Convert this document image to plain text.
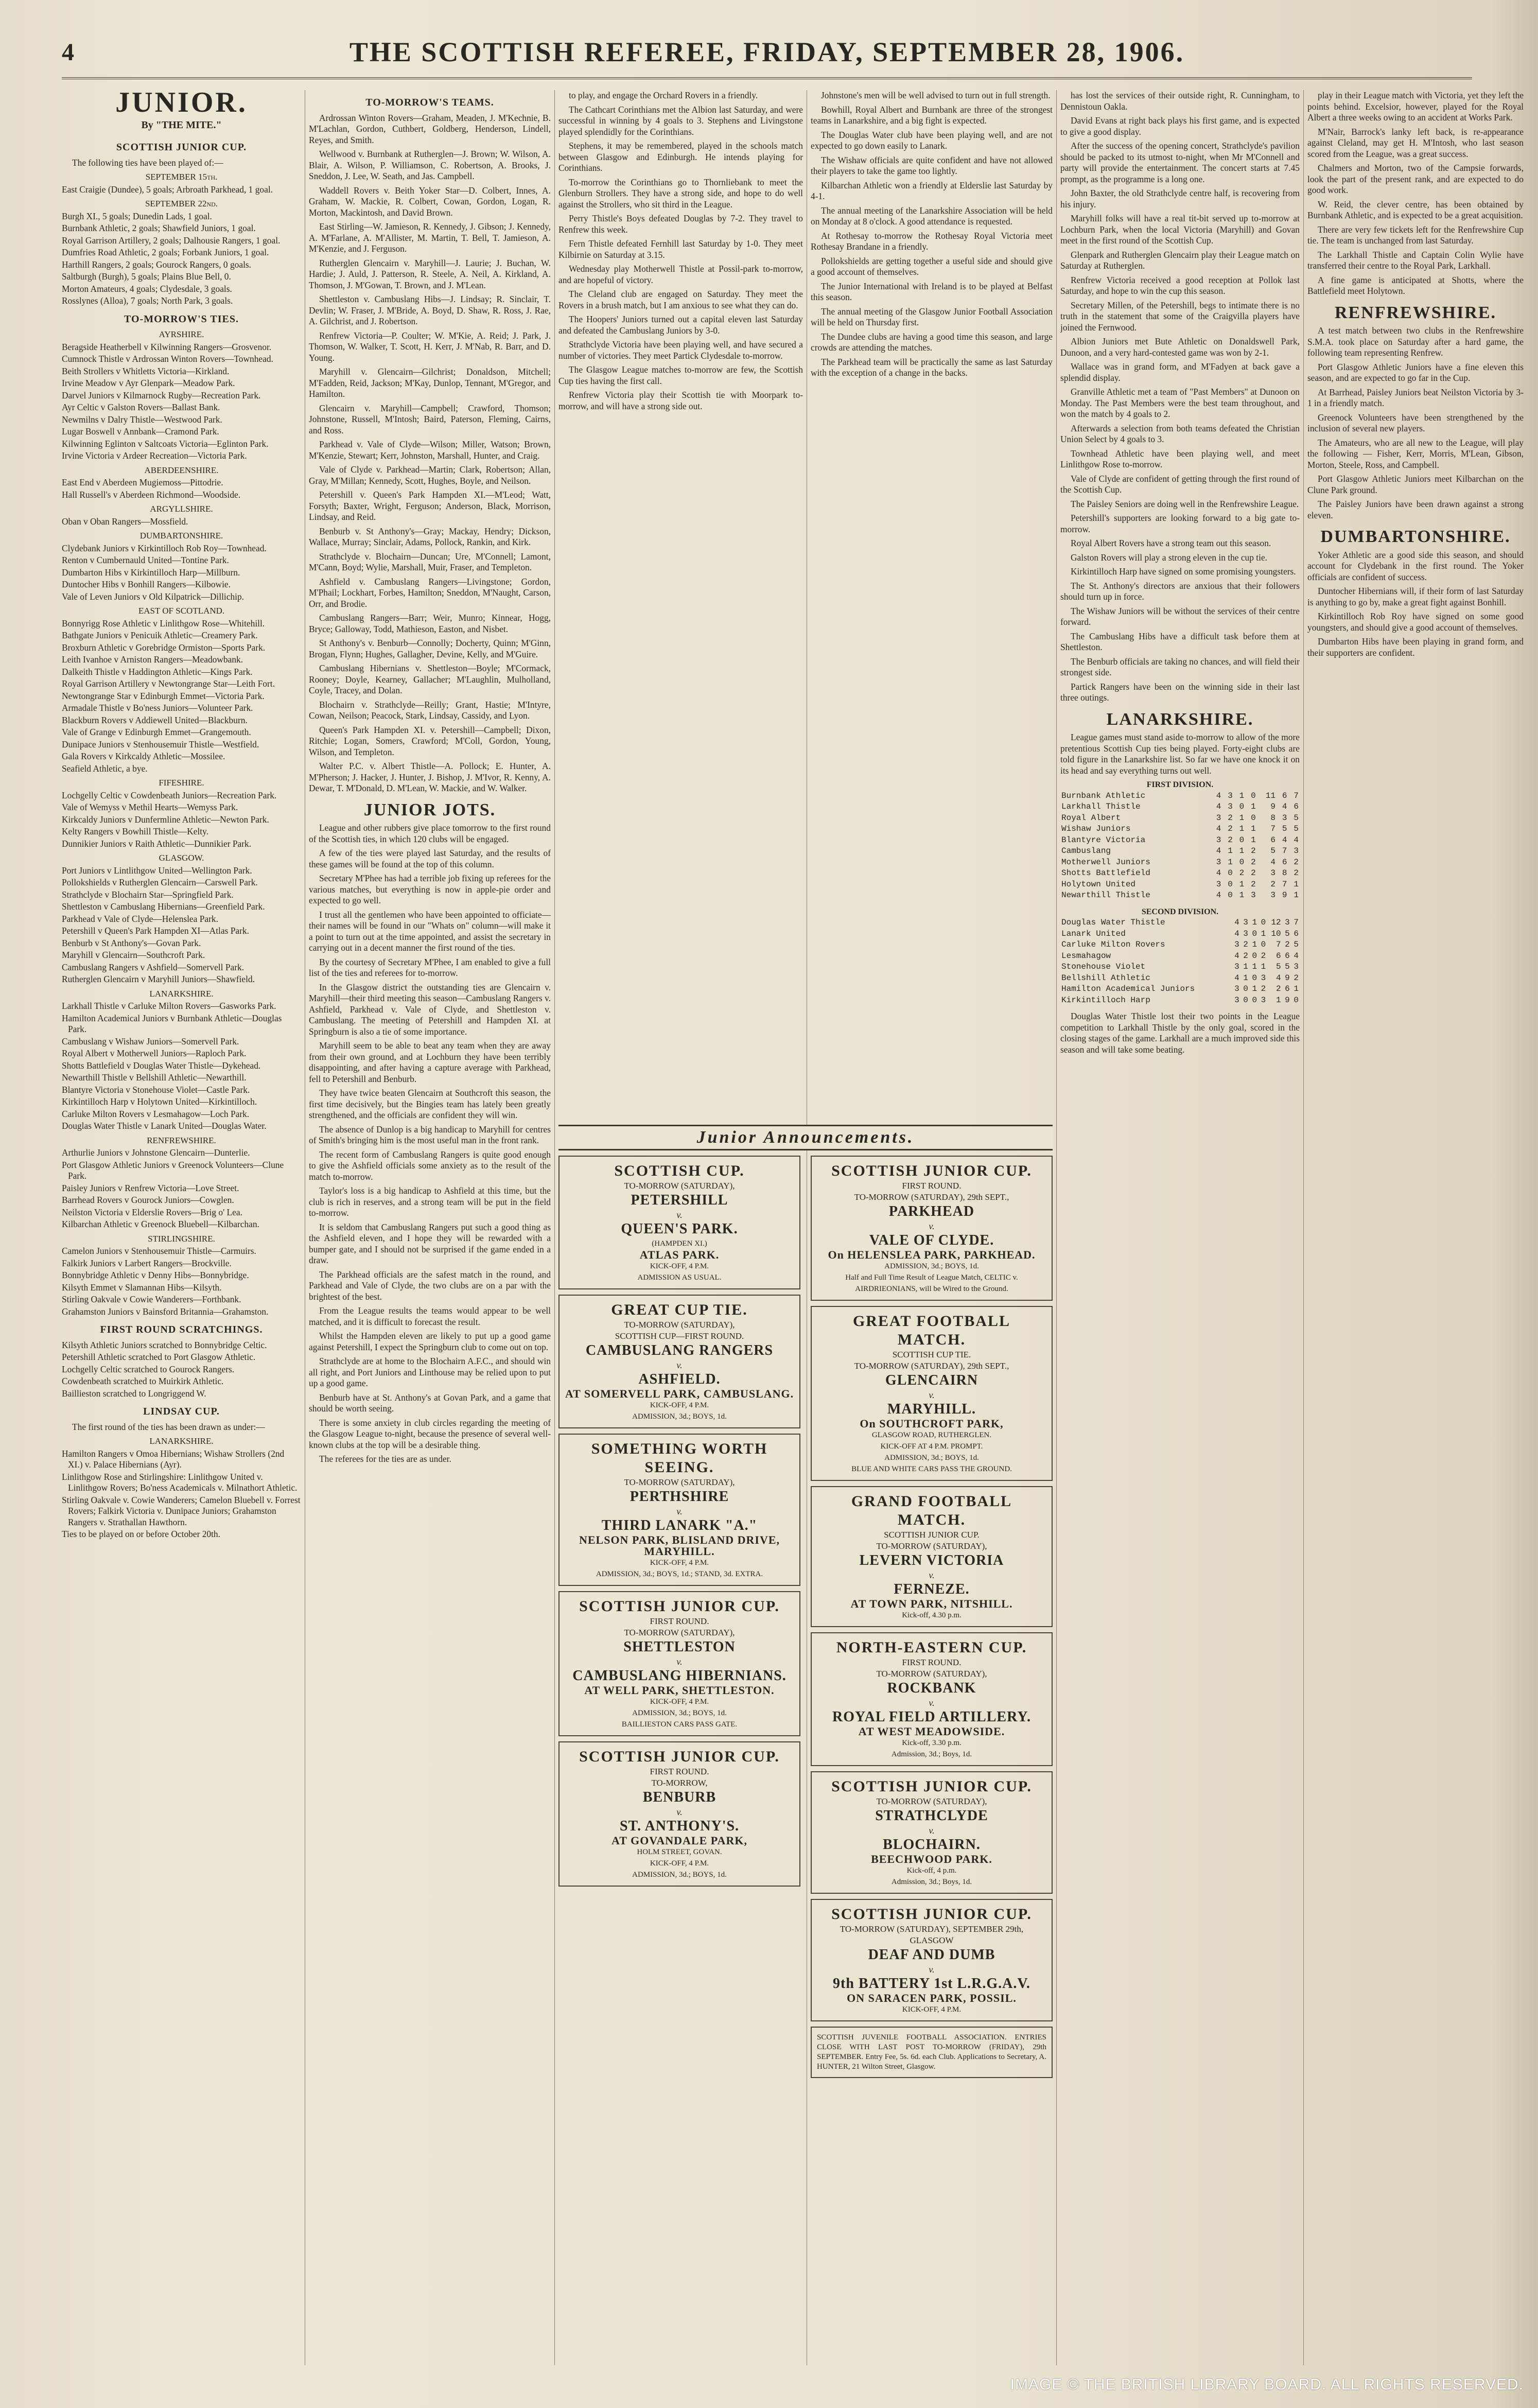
4	THE SCOTTISH REFEREE, FRIDAY, SEPTEMBER 28, 1906.
JUNIOR.
By "THE MITE."
SCOTTISH JUNIOR CUP.

The following ties have been played of:—

SEPTEMBER 15th.
East Craigie (Dundee), 5 goals; Arbroath Parkhead, 1 goal.
SEPTEMBER 22nd.
Burgh XI., 5 goals; Dunedin Lads, 1 goal.
Burnbank Athletic, 2 goals; Shawfield Juniors, 1 goal.
Royal Garrison Artillery, 2 goals; Dalhousie Rangers, 1 goal.
Dumfries Road Athletic, 2 goals; Forbank Juniors, 1 goal.
Harthill Rangers, 2 goals; Gourock Rangers, 0 goals.
Saltburgh (Burgh), 5 goals; Plains Blue Bell, 0.
Morton Amateurs, 4 goals; Clydesdale, 3 goals.
Rosslynes (Alloa), 7 goals; North Park, 3 goals.
TO-MORROW'S TIES.
AYRSHIRE.
Beragside Heatherbell v Kilwinning Rangers—Grosvenor.
Cumnock Thistle v Ardrossan Winton Rovers—Townhead.
Beith Strollers v Whitletts Victoria—Kirkland.
Irvine Meadow v Ayr Glenpark—Meadow Park.
Darvel Juniors v Kilmarnock Rugby—Recreation Park.
Ayr Celtic v Galston Rovers—Ballast Bank.
Newmilns v Dalry Thistle—Westwood Park.
Lugar Boswell v Annbank—Cramond Park.
Kilwinning Eglinton v Saltcoats Victoria—Eglinton Park.
Irvine Victoria v Ardeer Recreation—Victoria Park.
ABERDEENSHIRE.
East End v Aberdeen Mugiemoss—Pittodrie.
Hall Russell's v Aberdeen Richmond—Woodside.
ARGYLLSHIRE.
Oban v Oban Rangers—Mossfield.
DUMBARTONSHIRE.
Clydebank Juniors v Kirkintilloch Rob Roy—Townhead.
Renton v Cumbernauld United—Tontine Park.
Dumbarton Hibs v Kirkintilloch Harp—Millburn.
Duntocher Hibs v Bonhill Rangers—Kilbowie.
Vale of Leven Juniors v Old Kilpatrick—Dillichip.
EAST OF SCOTLAND.
Bonnyrigg Rose Athletic v Linlithgow Rose—Whitehill.
Bathgate Juniors v Penicuik Athletic—Creamery Park.
Broxburn Athletic v Gorebridge Ormiston—Sports Park.
Leith Ivanhoe v Arniston Rangers—Meadowbank.
Dalkeith Thistle v Haddington Athletic—Kings Park.
Royal Garrison Artillery v Newtongrange Star—Leith Fort.
Newtongrange Star v Edinburgh Emmet—Victoria Park.
Armadale Thistle v Bo'ness Juniors—Volunteer Park.
Blackburn Rovers v Addiewell United—Blackburn.
Vale of Grange v Edinburgh Emmet—Grangemouth.
Dunipace Juniors v Stenhousemuir Thistle—Westfield.
Gala Rovers v Kirkcaldy Athletic—Mossilee.
Seafield Athletic, a bye.
FIFESHIRE.
Lochgelly Celtic v Cowdenbeath Juniors—Recreation Park.
Vale of Wemyss v Methil Hearts—Wemyss Park.
Kirkcaldy Juniors v Dunfermline Athletic—Newton Park.
Kelty Rangers v Bowhill Thistle—Kelty.
Dunnikier Juniors v Raith Athletic—Dunnikier Park.
GLASGOW.
Port Juniors v Lintlithgow United—Wellington Park.
Pollokshields v Rutherglen Glencairn—Carswell Park.
Strathclyde v Blochairn Star—Springfield Park.
Shettleston v Cambuslang Hibernians—Greenfield Park.
Parkhead v Vale of Clyde—Helenslea Park.
Petershill v Queen's Park Hampden XI—Atlas Park.
Benburb v St Anthony's—Govan Park.
Maryhill v Glencairn—Southcroft Park.
Cambuslang Rangers v Ashfield—Somervell Park.
Rutherglen Glencairn v Maryhill Juniors—Shawfield.
LANARKSHIRE.
Larkhall Thistle v Carluke Milton Rovers—Gasworks Park.
Hamilton Academical Juniors v Burnbank Athletic—Douglas Park.
Cambuslang v Wishaw Juniors—Somervell Park.
Royal Albert v Motherwell Juniors—Raploch Park.
Shotts Battlefield v Douglas Water Thistle—Dykehead.
Newarthill Thistle v Bellshill Athletic—Newarthill.
Blantyre Victoria v Stonehouse Violet—Castle Park.
Kirkintilloch Harp v Holytown United—Kirkintilloch.
Carluke Milton Rovers v Lesmahagow—Loch Park.
Douglas Water Thistle v Lanark United—Douglas Water.
RENFREWSHIRE.
Arthurlie Juniors v Johnstone Glencairn—Dunterlie.
Port Glasgow Athletic Juniors v Greenock Volunteers—Clune Park.
Paisley Juniors v Renfrew Victoria—Love Street.
Barrhead Rovers v Gourock Juniors—Cowglen.
Neilston Victoria v Elderslie Rovers—Brig o' Lea.
Kilbarchan Athletic v Greenock Bluebell—Kilbarchan.
STIRLINGSHIRE.
Camelon Juniors v Stenhousemuir Thistle—Carmuirs.
Falkirk Juniors v Larbert Rangers—Brockville.
Bonnybridge Athletic v Denny Hibs—Bonnybridge.
Kilsyth Emmet v Slamannan Hibs—Kilsyth.
Stirling Oakvale v Cowie Wanderers—Forthbank.
Grahamston Juniors v Bainsford Britannia—Grahamston.
FIRST ROUND SCRATCHINGS.
Kilsyth Athletic Juniors scratched to Bonnybridge Celtic.
Petershill Athletic scratched to Port Glasgow Athletic.
Lochgelly Celtic scratched to Gourock Rangers.
Cowdenbeath scratched to Muirkirk Athletic.
Baillieston scratched to Longriggend W.
LINDSAY CUP.

The first round of the ties has been drawn as under:—

LANARKSHIRE.
Hamilton Rangers v Omoa Hibernians; Wishaw Strollers (2nd XI.) v. Palace Hibernians (Ayr).
Linlithgow Rose and Stirlingshire: Linlithgow United v. Linlithgow Rovers; Bo'ness Academicals v. Milnathort Athletic.
Stirling Oakvale v. Cowie Wanderers; Camelon Bluebell v. Forrest Rovers; Falkirk Victoria v. Dunipace Juniors; Grahamston Rangers v. Strathallan Hawthorn.
Ties to be played on or before October 20th.
TO-MORROW'S TEAMS.

Ardrossan Winton Rovers—Graham, Meaden, J. M'Kechnie, B. M'Lachlan, Gordon, Cuthbert, Goldberg, Henderson, Lindell, Reyes, and Smith.

Wellwood v. Burnbank at Rutherglen—J. Brown; W. Wilson, A. Blair, A. Wilson, P. Williamson, C. Robertson, A. Brooks, J. Sneddon, J. Lee, W. Seath, and Jas. Campbell.

Waddell Rovers v. Beith Yoker Star—D. Colbert, Innes, A. Graham, W. Mackie, R. Colbert, Cowan, Gordon, Logan, R. Morton, Mackintosh, and David Brown.

East Stirling—W. Jamieson, R. Kennedy, J. Gibson; J. Kennedy, A. M'Farlane, A. M'Allister, M. Martin, T. Bell, T. Jamieson, A. M'Kenzie, and J. Ferguson.

Rutherglen Glencairn v. Maryhill—J. Laurie; J. Buchan, W. Hardie; J. Auld, J. Patterson, R. Steele, A. Neil, A. Kirkland, A. Thomson, J. M'Gowan, T. Brown, and J. M'Lean.

Shettleston v. Cambuslang Hibs—J. Lindsay; R. Sinclair, T. Devlin; W. Fraser, J. M'Bride, A. Boyd, D. Shaw, R. Ross, J. Rae, A. Gilchrist, and J. Robertson.

Renfrew Victoria—P. Coulter; W. M'Kie, A. Reid; J. Park, J. Thomson, W. Walker, T. Scott, H. Kerr, J. M'Nab, R. Barr, and D. Young.

Maryhill v. Glencairn—Gilchrist; Donaldson, Mitchell; M'Fadden, Reid, Jackson; M'Kay, Dunlop, Tennant, M'Gregor, and Hamilton.

Glencairn v. Maryhill—Campbell; Crawford, Thomson; Johnstone, Russell, M'Intosh; Baird, Paterson, Fleming, Cairns, and Ross.

Parkhead v. Vale of Clyde—Wilson; Miller, Watson; Brown, M'Kenzie, Stewart; Kerr, Johnston, Marshall, Hunter, and Craig.

Vale of Clyde v. Parkhead—Martin; Clark, Robertson; Allan, Gray, M'Millan; Kennedy, Scott, Hughes, Boyle, and Neilson.

Petershill v. Queen's Park Hampden XI.—M'Leod; Watt, Forsyth; Baxter, Wright, Ferguson; Anderson, Black, Morrison, Lindsay, and Reid.

Benburb v. St Anthony's—Gray; Mackay, Hendry; Dickson, Wallace, Murray; Sinclair, Adams, Pollock, Rankin, and Kirk.

Strathclyde v. Blochairn—Duncan; Ure, M'Connell; Lamont, M'Cann, Boyd; Wylie, Marshall, Muir, Fraser, and Templeton.

Ashfield v. Cambuslang Rangers—Livingstone; Gordon, M'Phail; Lockhart, Forbes, Hamilton; Sneddon, M'Naught, Carson, Orr, and Brodie.

Cambuslang Rangers—Barr; Weir, Munro; Kinnear, Hogg, Bryce; Galloway, Todd, Mathieson, Easton, and Nisbet.

St Anthony's v. Benburb—Connolly; Docherty, Quinn; M'Ginn, Brogan, Flynn; Hughes, Gallagher, Devine, Kelly, and M'Guire.

Cambuslang Hibernians v. Shettleston—Boyle; M'Cormack, Rooney; Doyle, Kearney, Gallacher; M'Laughlin, Mulholland, Coyle, Tracey, and Dolan.

Blochairn v. Strathclyde—Reilly; Grant, Hastie; M'Intyre, Cowan, Neilson; Peacock, Stark, Lindsay, Cassidy, and Lyon.

Queen's Park Hampden XI. v. Petershill—Campbell; Dixon, Ritchie; Logan, Somers, Crawford; M'Coll, Gordon, Young, Wilson, and Templeton.

Walter P.C. v. Albert Thistle—A. Pollock; E. Hunter, A. M'Pherson; J. Hacker, J. Hunter, J. Bishop, J. M'Ivor, R. Kenny, A. Dewar, T. M'Donald, D. M'Lean, W. Mackie, and W. Walker.

JUNIOR JOTS.

League and other rubbers give place tomorrow to the first round of the Scottish ties, in which 120 clubs will be engaged.

A few of the ties were played last Saturday, and the results of these games will be found at the top of this column.

Secretary M'Phee has had a terrible job fixing up referees for the various matches, but everything is now in apple-pie order and expected to go well.

I trust all the gentlemen who have been appointed to officiate—their names will be found in our "Whats on" column—will make it a point to turn out at the time appointed, and assist the secretary in carrying out in a decent manner the first round of the ties.

By the courtesy of Secretary M'Phee, I am enabled to give a full list of the ties and referees for to-morrow.

In the Glasgow district the outstanding ties are Glencairn v. Maryhill—their third meeting this season—Cambuslang Rangers v. Ashfield, Parkhead v. Vale of Clyde, and Shettleston v. Cambuslang. The meeting of Petershill and Hampden XI. at Springburn is also a tie of some importance.

Maryhill seem to be able to beat any team when they are away from their own ground, and at Lochburn they have been terribly disappointing, and after having a capture average with Parkhead, fell to Petershill and Benburb.

They have twice beaten Glencairn at Southcroft this season, the first time decisively, but the Bingies team has lately been greatly strengthened, and the officials are confident they will win.

The absence of Dunlop is a big handicap to Maryhill for centres of Smith's bringing him is the most useful man in the front rank.

The recent form of Cambuslang Rangers is quite good enough to give the Ashfield officials some anxiety as to the result of the match to-morrow.

Taylor's loss is a big handicap to Ashfield at this time, but the club is rich in reserves, and a strong team will be put in the field to-morrow.

It is seldom that Cambuslang Rangers put such a good thing as the Ashfield eleven, and I hope they will be rewarded with a bumper gate, and I should not be surprised if the game ended in a draw.

The Parkhead officials are the safest match in the round, and Parkhead and Vale of Clyde, the two clubs are on a par with the brightest of the best.

From the League results the teams would appear to be well matched, and it is difficult to forecast the result.

Whilst the Hampden eleven are likely to put up a good game against Petershill, I expect the Springburn club to come out on top.

Strathclyde are at home to the Blochairn A.F.C., and should win all right, and Port Juniors and Linthouse may be relied upon to put up a good game.

Benburb have at St. Anthony's at Govan Park, and a game that should be worth seeing.

There is some anxiety in club circles regarding the meeting of the Glasgow League to-night, because the presence of several well-known clubs at the top will be a desirable thing.

The referees for the ties are as under.

to play, and engage the Orchard Rovers in a friendly.

The Cathcart Corinthians met the Albion last Saturday, and were successful in winning by 4 goals to 3. Stephens and Livingstone played splendidly for the Corinthians.

Stephens, it may be remembered, played in the schools match between Glasgow and Edinburgh. He intends playing for Corinthians.

To-morrow the Corinthians go to Thornliebank to meet the Glenburn Strollers. They have a strong side, and hope to do well against the Strollers, who sit third in the League.

Perry Thistle's Boys defeated Douglas by 7-2. They travel to Renfrew this week.

Fern Thistle defeated Fernhill last Saturday by 1-0. They meet Kilbirnie on Saturday at 3.15.

Wednesday play Motherwell Thistle at Possil-park to-morrow, and are hopeful of victory.

The Cleland club are engaged on Saturday. They meet the Rovers in a brush match, but I am anxious to see what they can do.

The Hoopers' Juniors turned out a capital eleven last Saturday and defeated the Cambuslang Juniors by 3-0.

Strathclyde Victoria have been playing well, and have secured a number of victories. They meet Partick Clydesdale to-morrow.

The Glasgow League matches to-morrow are few, the Scottish Cup ties having the first call.

Renfrew Victoria play their Scottish tie with Moorpark to-morrow, and will have a strong side out.

Johnstone's men will be well advised to turn out in full strength.

Bowhill, Royal Albert and Burnbank are three of the strongest teams in Lanarkshire, and a big fight is expected.

The Douglas Water club have been playing well, and are not expected to go down easily to Lanark.

The Wishaw officials are quite confident and have not allowed their players to take the game too lightly.

Kilbarchan Athletic won a friendly at Elderslie last Saturday by 4-1.

The annual meeting of the Lanarkshire Association will be held on Monday at 8 o'clock. A good attendance is requested.

At Rothesay to-morrow the Rothesay Royal Victoria meet Rothesay Brandane in a friendly.

Pollokshields are getting together a useful side and should give a good account of themselves.

The Junior International with Ireland is to be played at Belfast this season.

The annual meeting of the Glasgow Junior Football Association will be held on Thursday first.

The Dundee clubs are having a good time this season, and large crowds are attending the matches.

The Parkhead team will be practically the same as last Saturday with the exception of a change in the backs.

Junior Announcements.
SCOTTISH CUP.
TO-MORROW (SATURDAY),
PETERSHILL
v.
QUEEN'S PARK.
(HAMPDEN XI.)
ATLAS PARK.
KICK-OFF, 4 P.M.
ADMISSION AS USUAL.
GREAT CUP TIE.
TO-MORROW (SATURDAY),
SCOTTISH CUP—FIRST ROUND.
CAMBUSLANG RANGERS
v.
ASHFIELD.
AT SOMERVELL PARK, CAMBUSLANG.
KICK-OFF, 4 P.M.
ADMISSION, 3d.; BOYS, 1d.
SOMETHING WORTH SEEING.
TO-MORROW (SATURDAY),
PERTHSHIRE
v.
THIRD LANARK "A."
NELSON PARK, BLISLAND DRIVE, MARYHILL.
KICK-OFF, 4 P.M.
ADMISSION, 3d.; BOYS, 1d.; STAND, 3d. EXTRA.
SCOTTISH JUNIOR CUP.
FIRST ROUND.
TO-MORROW (SATURDAY),
SHETTLESTON
v.
CAMBUSLANG HIBERNIANS.
AT WELL PARK, SHETTLESTON.
KICK-OFF, 4 P.M.
ADMISSION, 3d.; BOYS, 1d.
BAILLIESTON CARS PASS GATE.
SCOTTISH JUNIOR CUP.
FIRST ROUND.
TO-MORROW,
BENBURB
v.
ST. ANTHONY'S.
AT GOVANDALE PARK,
HOLM STREET, GOVAN.
KICK-OFF, 4 P.M.
ADMISSION, 3d.; BOYS, 1d.
SCOTTISH JUNIOR CUP.
FIRST ROUND.
TO-MORROW (SATURDAY), 29th SEPT.,
PARKHEAD
v.
VALE OF CLYDE.
On HELENSLEA PARK, PARKHEAD.
ADMISSION, 3d.; BOYS, 1d.
Half and Full Time Result of League Match, CELTIC v. AIRDRIEONIANS, will be Wired to the Ground.
GREAT FOOTBALL MATCH.
SCOTTISH CUP TIE.
TO-MORROW (SATURDAY), 29th SEPT.,
GLENCAIRN
v.
MARYHILL.
On SOUTHCROFT PARK,
GLASGOW ROAD, RUTHERGLEN.
KICK-OFF AT 4 P.M. PROMPT.
ADMISSION, 3d.; BOYS, 1d.
BLUE AND WHITE CARS PASS THE GROUND.
GRAND FOOTBALL MATCH.
SCOTTISH JUNIOR CUP.
TO-MORROW (SATURDAY),
LEVERN VICTORIA
v.
FERNEZE.
AT TOWN PARK, NITSHILL.
Kick-off, 4.30 p.m.
NORTH-EASTERN CUP.
FIRST ROUND.
TO-MORROW (SATURDAY),
ROCKBANK
v.
ROYAL FIELD ARTILLERY.
AT WEST MEADOWSIDE.
Kick-off, 3.30 p.m.
Admission, 3d.; Boys, 1d.
SCOTTISH JUNIOR CUP.
TO-MORROW (SATURDAY),
STRATHCLYDE
v.
BLOCHAIRN.
BEECHWOOD PARK.
Kick-off, 4 p.m.
Admission, 3d.; Boys, 1d.
SCOTTISH JUNIOR CUP.
TO-MORROW (SATURDAY), SEPTEMBER 29th,
GLASGOW
DEAF AND DUMB
v.
9th BATTERY 1st L.R.G.A.V.
ON SARACEN PARK, POSSIL.
KICK-OFF, 4 P.M.
SCOTTISH JUVENILE FOOTBALL ASSOCIATION. ENTRIES CLOSE WITH LAST POST TO-MORROW (FRIDAY), 29th SEPTEMBER. Entry Fee, 5s. 6d. each Club. Applications to Secretary, A. HUNTER, 21 Wilton Street, Glasgow.

has lost the services of their outside right, R. Cunningham, to Dennistoun Oakla.

David Evans at right back plays his first game, and is expected to give a good display.

After the success of the opening concert, Strathclyde's pavilion should be packed to its utmost to-night, when Mr M'Connell and party will provide the entertainment. The concert starts at 7.45 prompt, as the programme is a long one.

John Baxter, the old Strathclyde centre half, is recovering from his injury.

Maryhill folks will have a real tit-bit served up to-morrow at Lochburn Park, when the local Victoria (Maryhill) and Govan meet in the first round of the Scottish Cup.

Glenpark and Rutherglen Glencairn play their League match on Saturday at Rutherglen.

Renfrew Victoria received a good reception at Pollok last Saturday, and hope to win the cup this season.

Secretary Millen, of the Petershill, begs to intimate there is no truth in the statement that some of the Craigvilla players have joined the Fernwood.

Albion Juniors met Bute Athletic on Donaldswell Park, Dunoon, and a very hard-contested game was won by 2-1.

Wallace was in grand form, and M'Fadyen at back gave a splendid display.

Granville Athletic met a team of "Past Members" at Dunoon on Monday. The Past Members were the best team throughout, and won the match by 4 goals to 2.

Afterwards a selection from both teams defeated the Christian Union Select by 4 goals to 3.

Townhead Athletic have been playing well, and meet Linlithgow Rose to-morrow.

Vale of Clyde are confident of getting through the first round of the Scottish Cup.

The Paisley Seniors are doing well in the Renfrewshire League.

Petershill's supporters are looking forward to a big gate to-morrow.

Royal Albert Rovers have a strong team out this season.

Galston Rovers will play a strong eleven in the cup tie.

Kirkintilloch Harp have signed on some promising youngsters.

The St. Anthony's directors are anxious that their followers should turn up in force.

The Wishaw Juniors will be without the services of their centre forward.

The Cambuslang Hibs have a difficult task before them at Shettleston.

The Benburb officials are taking no chances, and will field their strongest side.

Partick Rangers have been on the winning side in their last three outings.

LANARKSHIRE.

League games must stand aside to-morrow to allow of the more pretentious Scottish Cup ties being played. Forty-eight clubs are told figure in the Lanarkshire list. So far we have one knock it on its head and say everything turns out well.

FIRST DIVISION.
Burnbank Athletic	4	3	1	0	11	6	7
Larkhall Thistle	4	3	0	1	9	4	6
Royal Albert	3	2	1	0	8	3	5
Wishaw Juniors	4	2	1	1	7	5	5
Blantyre Victoria	3	2	0	1	6	4	4
Cambuslang	4	1	1	2	5	7	3
Motherwell Juniors	3	1	0	2	4	6	2
Shotts Battlefield	4	0	2	2	3	8	2
Holytown United	3	0	1	2	2	7	1
Newarthill Thistle	4	0	1	3	3	9	1
SECOND DIVISION.
Douglas Water Thistle	4	3	1	0	12	3	7
Lanark United	4	3	0	1	10	5	6
Carluke Milton Rovers	3	2	1	0	7	2	5
Lesmahagow	4	2	0	2	6	6	4
Stonehouse Violet	3	1	1	1	5	5	3
Bellshill Athletic	4	1	0	3	4	9	2
Hamilton Academical Juniors	3	0	1	2	2	6	1
Kirkintilloch Harp	3	0	0	3	1	9	0

Douglas Water Thistle lost their two points in the League competition to Larkhall Thistle by the only goal, scored in the closing stages of the game. Larkhall are a much improved side this season and will take some beating.

play in their League match with Victoria, yet they left the points behind. Excelsior, however, played for the Royal Albert a three weeks owing to an accident at Works Park.

M'Nair, Barrock's lanky left back, is re-appearance against Cleland, may get H. M'Intosh, who last season scored from the League, was a great success.

Chalmers and Morton, two of the Campsie forwards, look the part of the present rank, and are expected to do good work.

W. Reid, the clever centre, has been obtained by Burnbank Athletic, and is expected to be a great acquisition.

There are very few tickets left for the Renfrewshire Cup tie. The team is unchanged from last Saturday.

The Larkhall Thistle and Captain Colin Wylie have transferred their centre to the Royal Park, Larkhall.

A fine game is anticipated at Shotts, where the Battlefield meet Holytown.

RENFREWSHIRE.

A test match between two clubs in the Renfrewshire S.M.A. took place on Saturday after a hard game, the following team representing Renfrew.

Port Glasgow Athletic Juniors have a fine eleven this season, and are expected to go far in the Cup.

At Barrhead, Paisley Juniors beat Neilston Victoria by 3-1 in a friendly match.

Greenock Volunteers have been strengthened by the inclusion of several new players.

The Amateurs, who are all new to the League, will play the following — Fisher, Kerr, Morris, M'Lean, Gibson, Morton, Steele, Ross, and Campbell.

Port Glasgow Athletic Juniors meet Kilbarchan on the Clune Park ground.

The Paisley Juniors have been drawn against a strong eleven.

DUMBARTONSHIRE.

Yoker Athletic are a good side this season, and should account for Clydebank in the first round. The Yoker officials are confident of success.

Duntocher Hibernians will, if their form of last Saturday is anything to go by, make a great fight against Bonhill.

Kirkintilloch Rob Roy have signed on some good youngsters, and should give a good account of themselves.

Dumbarton Hibs have been playing in grand form, and their supporters are confident.

IMAGE © THE BRITISH LIBRARY BOARD. ALL RIGHTS RESERVED.
